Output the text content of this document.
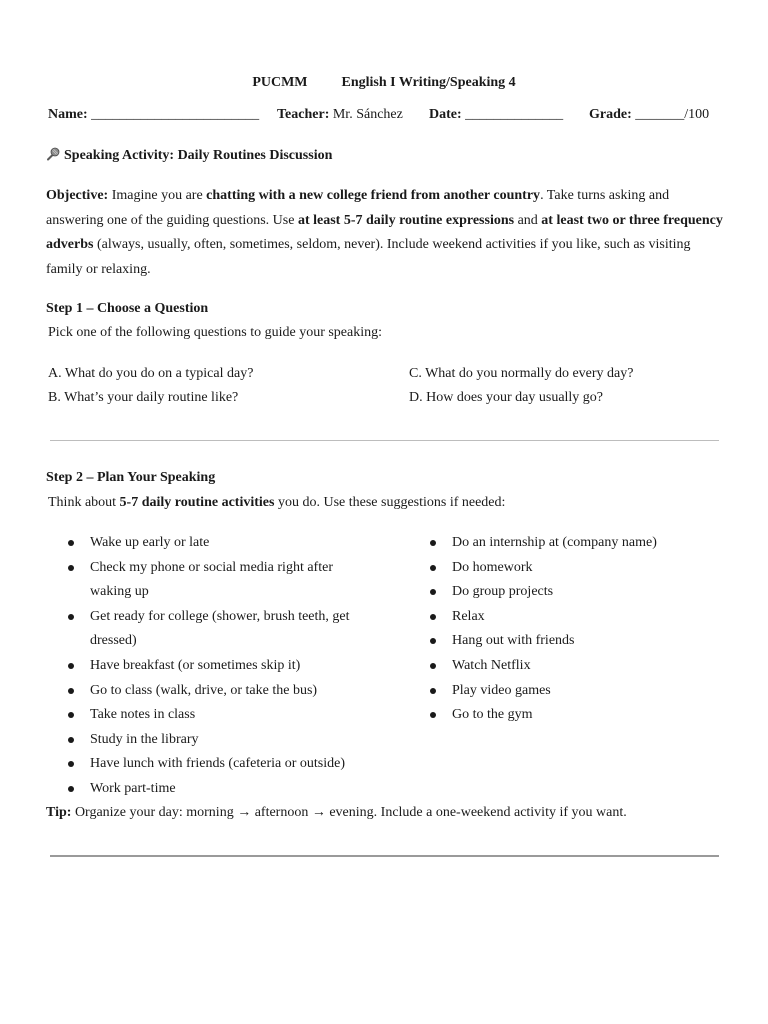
PUCMM English I Writing/Speaking 4
Name: ________________________ Teacher: Mr. Sánchez Date: ______________ Grade: _______/100
Speaking Activity: Daily Routines Discussion
Objective: Imagine you are chatting with a new college friend from another country. Take turns asking and answering one of the guiding questions. Use at least 5-7 daily routine expressions and at least two or three frequency adverbs (always, usually, often, sometimes, seldom, never). Include weekend activities if you like, such as visiting family or relaxing.
Step 1 – Choose a Question
Pick one of the following questions to guide your speaking:
A. What do you do on a typical day?
B. What’s your daily routine like?
C. What do you normally do every day?
D. How does your day usually go?
Step 2 – Plan Your Speaking
Think about 5-7 daily routine activities you do. Use these suggestions if needed:
Wake up early or late
Check my phone or social media right after waking up
Get ready for college (shower, brush teeth, get dressed)
Have breakfast (or sometimes skip it)
Go to class (walk, drive, or take the bus)
Take notes in class
Study in the library
Have lunch with friends (cafeteria or outside)
Work part-time
Do an internship at (company name)
Do homework
Do group projects
Relax
Hang out with friends
Watch Netflix
Play video games
Go to the gym
Tip: Organize your day: morning → afternoon → evening. Include a one-weekend activity if you want.
